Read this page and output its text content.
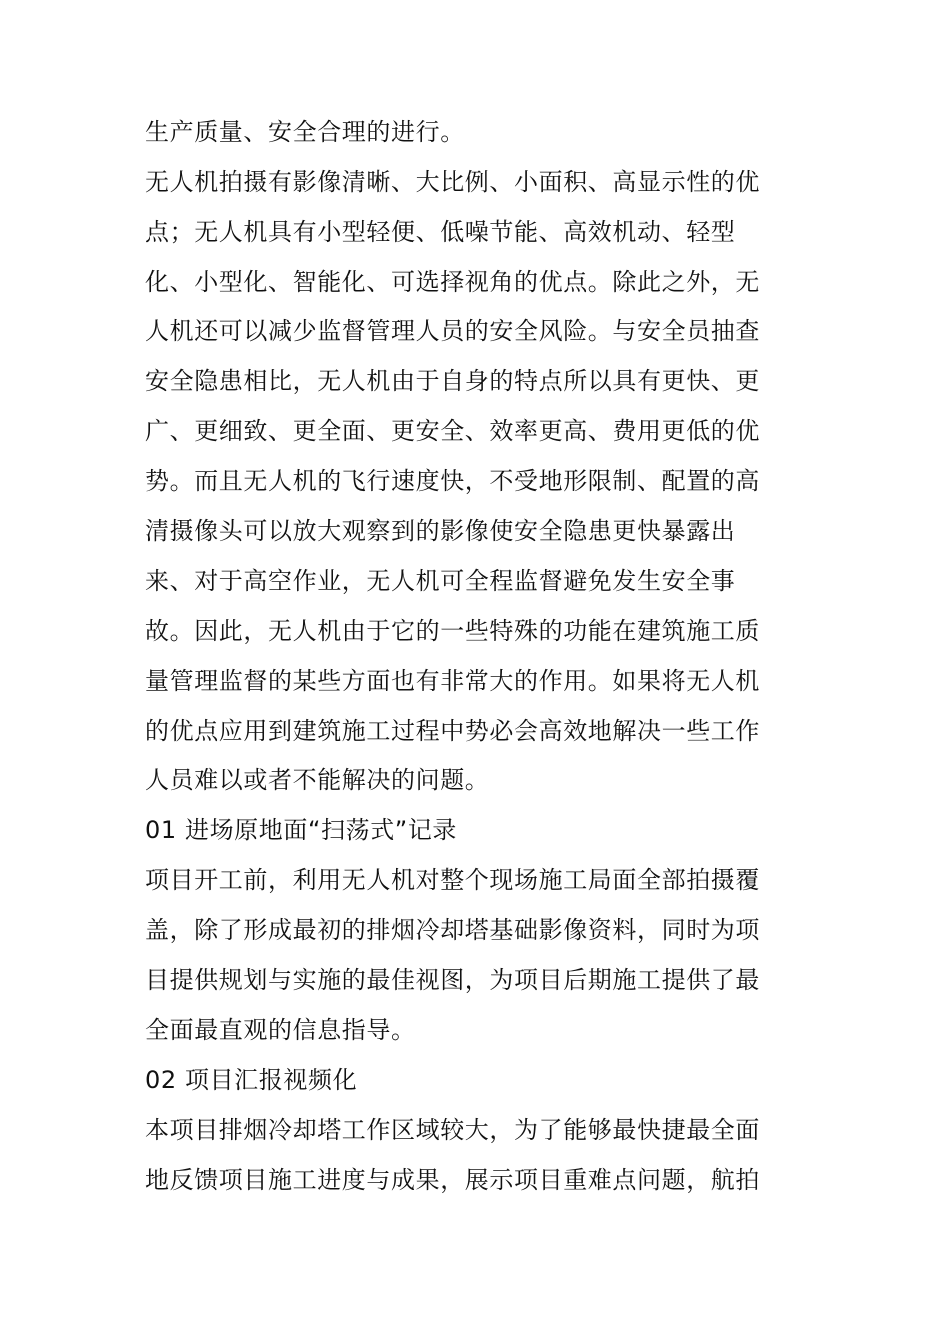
生产质量、安全合理的进行。
无人机拍摄有影像清晰、大比例、小面积、高显示性的优
点；无人机具有小型轻便、低噪节能、高效机动、轻型
化、小型化、智能化、可选择视角的优点。除此之外，无
人机还可以减少监督管理人员的安全风险。与安全员抽查
安全隐患相比，无人机由于自身的特点所以具有更快、更
广、更细致、更全面、更安全、效率更高、费用更低的优
势。而且无人机的飞行速度快，不受地形限制、配置的高
清摄像头可以放大观察到的影像使安全隐患更快暴露出
来、对于高空作业，无人机可全程监督避免发生安全事
故。因此，无人机由于它的一些特殊的功能在建筑施工质
量管理监督的某些方面也有非常大的作用。如果将无人机
的优点应用到建筑施工过程中势必会高效地解决一些工作
人员难以或者不能解决的问题。
01 进场原地面“扫荡式”记录
项目开工前，利用无人机对整个现场施工局面全部拍摄覆
盖，除了形成最初的排烟冷却塔基础影像资料，同时为项
目提供规划与实施的最佳视图，为项目后期施工提供了最
全面最直观的信息指导。
02 项目汇报视频化
本项目排烟冷却塔工作区域较大，为了能够最快捷最全面
地反馈项目施工进度与成果，展示项目重难点问题，航拍
